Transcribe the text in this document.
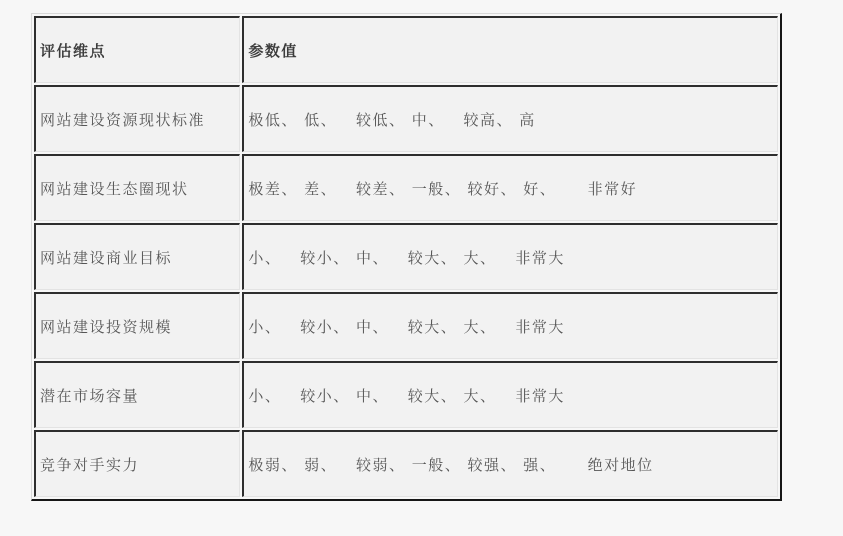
评估维点	参数值
网站建设资源现状标准	极低、 低、   较低、 中、   较高、 高
网站建设生态圈现状	极差、 差、   较差、 一般、 较好、 好、     非常好
网站建设商业目标	小、   较小、 中、   较大、 大、   非常大
网站建设投资规模	小、   较小、 中、   较大、 大、   非常大
潜在市场容量	小、   较小、 中、   较大、 大、   非常大
竞争对手实力	极弱、 弱、   较弱、 一般、 较强、 强、     绝对地位
